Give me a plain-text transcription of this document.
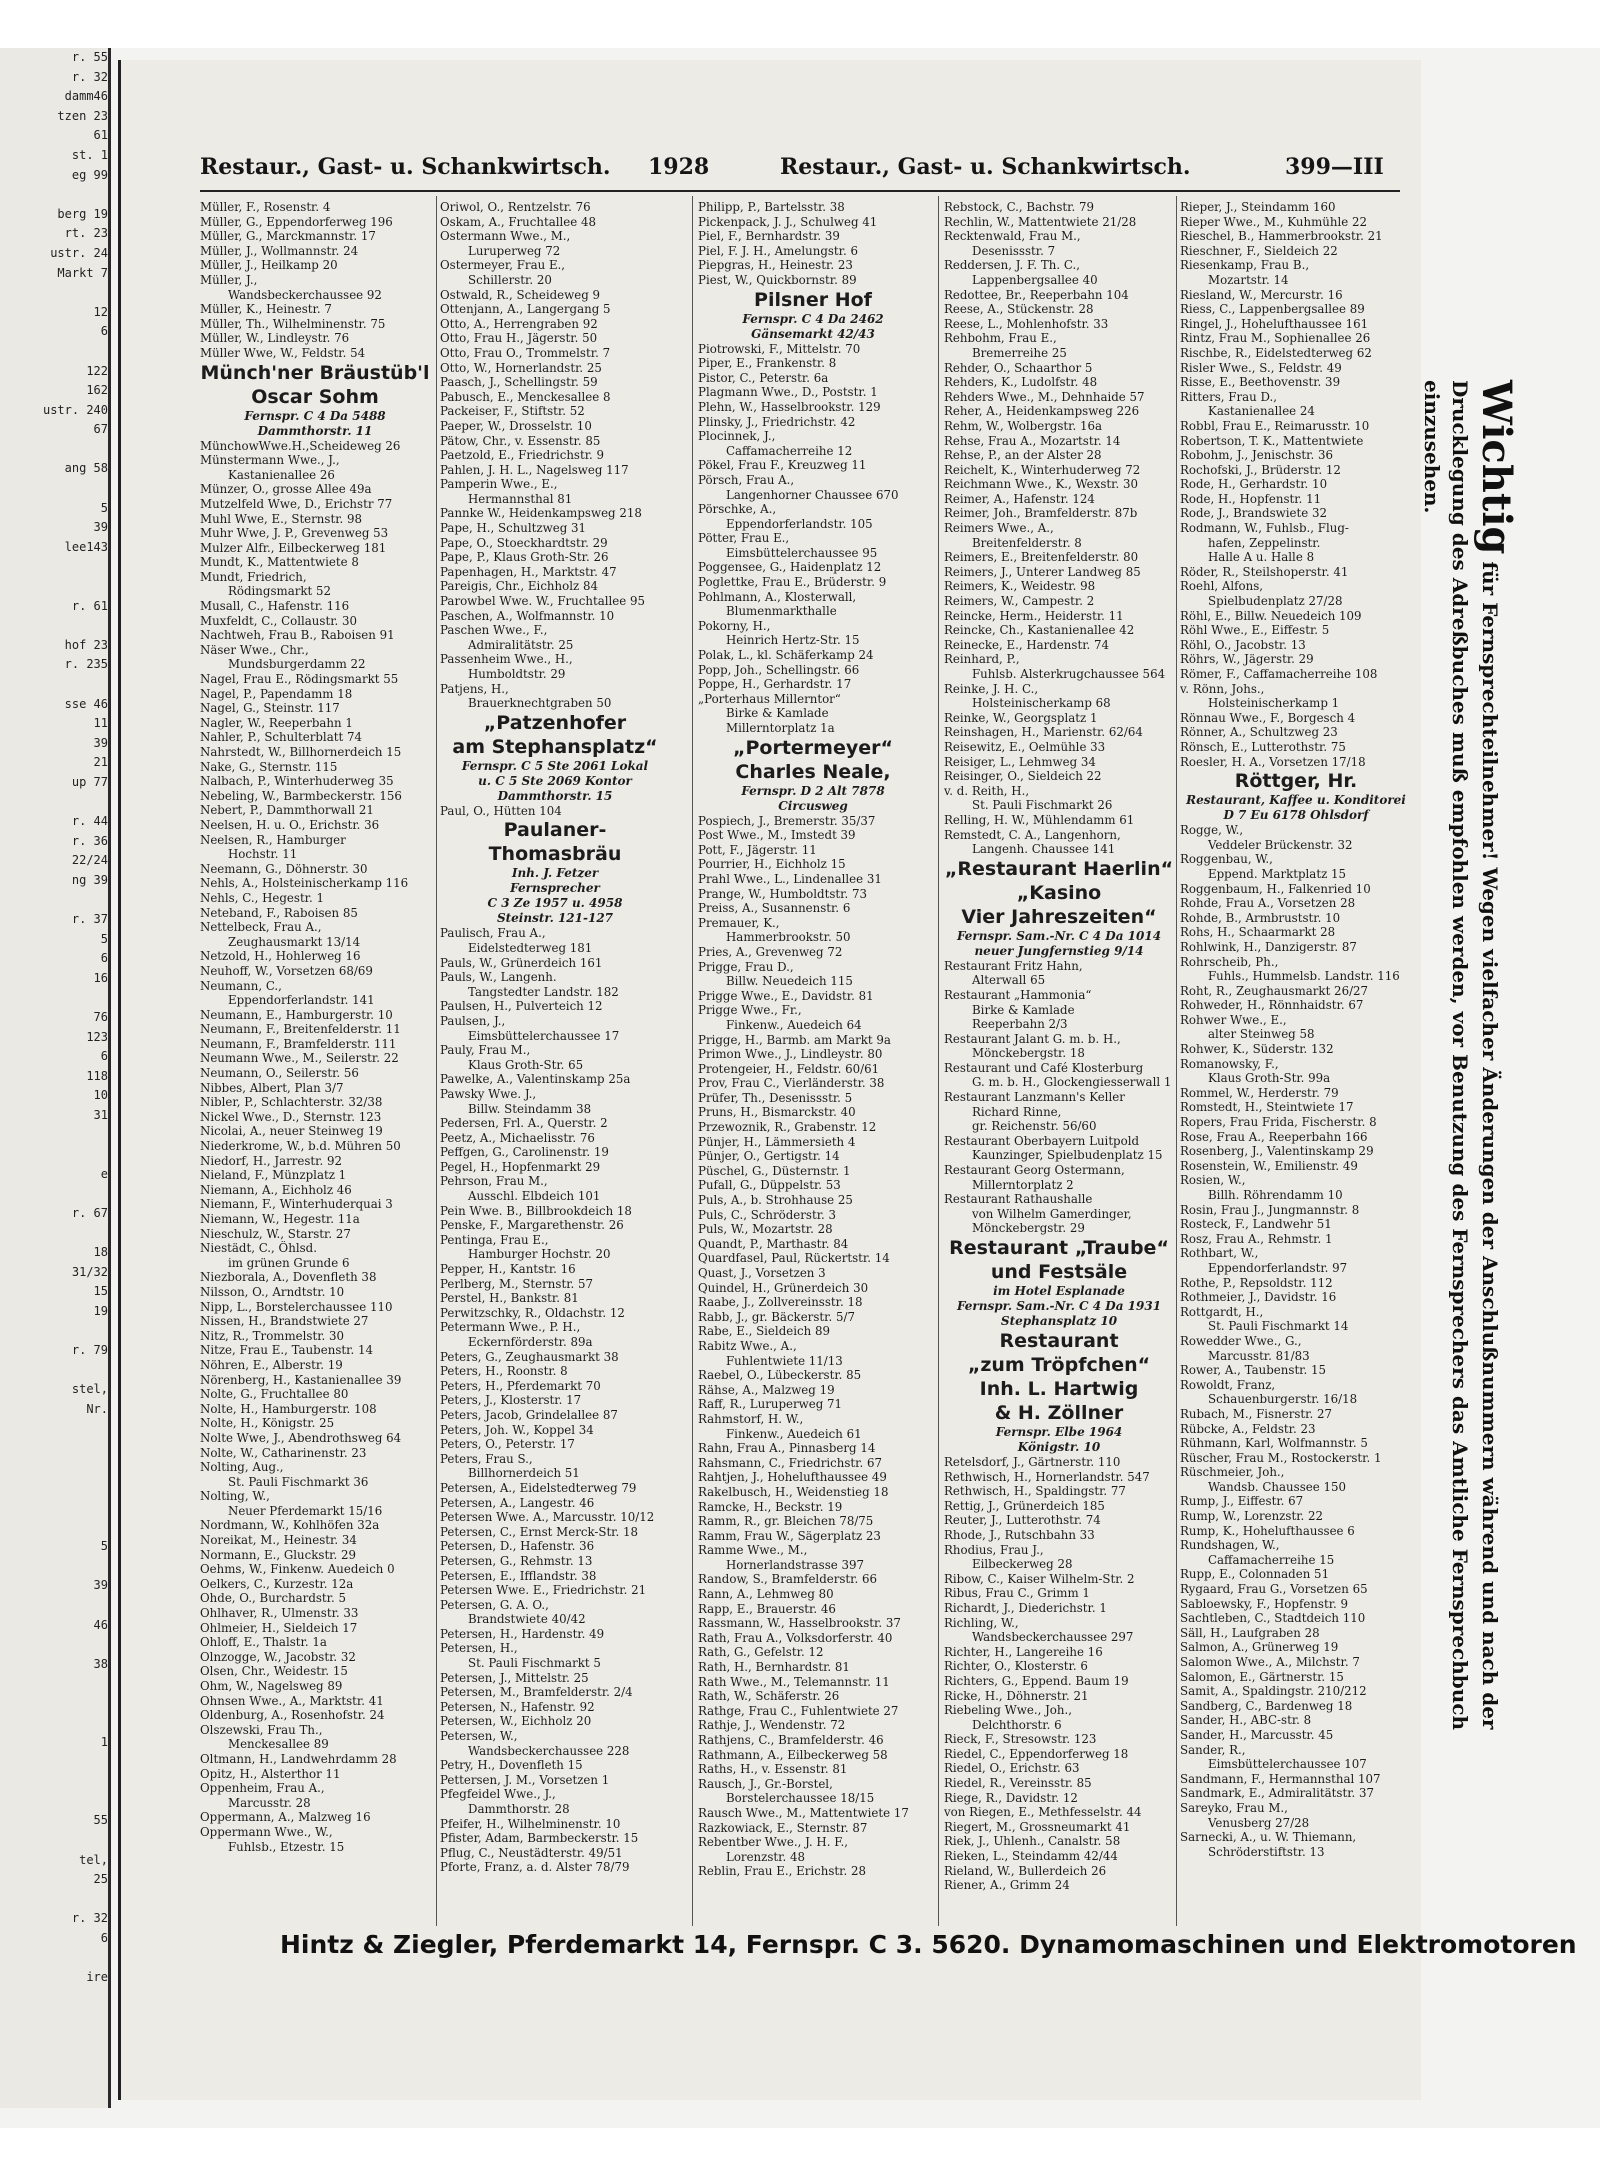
r. 55
r. 32
damm46
tzen 23
61
st. 1
eg 99

berg 19
rt. 23
ustr. 24
Markt 7

12
6

122
162
ustr. 240
67

ang 58

5
39
lee143

r. 61

hof 23
r. 235

sse 46
11
39
21
up 77

r. 44
r. 36
22/24
ng 39

r. 37
5
6
16

76
123
6
118
10
31

e

r. 67

18
31/32
15
19

r. 79

stel,
Nr.

5

39

46

38

1

55

tel,
25

r. 32
6

ire
Restaur., Gast- u. Schankwirtsch. 1928	Restaur., Gast- u. Schankwirtsch.	399—III
Müller, F., Rosenstr. 4
Müller, G., Eppendorferweg 196
Müller, G., Marckmannstr. 17
Müller, J., Wollmannstr. 24
Müller, J., Heilkamp 20
Müller, J.,
Wandsbeckerchaussee 92
Müller, K., Heinestr. 7
Müller, Th., Wilhelminenstr. 75
Müller, W., Lindleystr. 76
Müller Wwe, W., Feldstr. 54
Münch'ner Bräustüb'l
Oscar Sohm
Fernspr. C 4 Da 5488
Dammthorstr. 11
MünchowWwe.H.,Scheideweg 26
Münstermann Wwe., J.,
Kastanienallee 26
Münzer, O., grosse Allee 49a
Mutzelfeld Wwe, D., Erichstr 77
Muhl Wwe, E., Sternstr. 98
Muhr Wwe, J. P., Grevenweg 53
Mulzer Alfr., Eilbeckerweg 181
Mundt, K., Mattentwiete 8
Mundt, Friedrich,
Rödingsmarkt 52
Musall, C., Hafenstr. 116
Muxfeldt, C., Collaustr. 30
Nachtweh, Frau B., Raboisen 91
Näser Wwe., Chr.,
Mundsburgerdamm 22
Nagel, Frau E., Rödingsmarkt 55
Nagel, P., Papendamm 18
Nagel, G., Steinstr. 117
Nagler, W., Reeperbahn 1
Nahler, P., Schulterblatt 74
Nahrstedt, W., Billhornerdeich 15
Nake, G., Sternstr. 115
Nalbach, P., Winterhuderweg 35
Nebeling, W., Barmbeckerstr. 156
Nebert, P., Dammthorwall 21
Neelsen, H. u. O., Erichstr. 36
Neelsen, R., Hamburger
Hochstr. 11
Neemann, G., Döhnerstr. 30
Nehls, A., Holsteinischerkamp 116
Nehls, C., Hegestr. 1
Neteband, F., Raboisen 85
Nettelbeck, Frau A.,
Zeughausmarkt 13/14
Netzold, H., Hohlerweg 16
Neuhoff, W., Vorsetzen 68/69
Neumann, C.,
Eppendorferlandstr. 141
Neumann, E., Hamburgerstr. 10
Neumann, F., Breitenfelderstr. 11
Neumann, F., Bramfelderstr. 111
Neumann Wwe., M., Seilerstr. 22
Neumann, O., Seilerstr. 56
Nibbes, Albert, Plan 3/7
Nibler, P., Schlachterstr. 32/38
Nickel Wwe., D., Sternstr. 123
Nicolai, A., neuer Steinweg 19
Niederkrome, W., b.d. Mühren 50
Niedorf, H., Jarrestr. 92
Nieland, F., Münzplatz 1
Niemann, A., Eichholz 46
Niemann, F., Winterhuderquai 3
Niemann, W., Hegestr. 11a
Nieschulz, W., Starstr. 27
Niestädt, C., Öhlsd.
im grünen Grunde 6
Niezborala, A., Dovenfleth 38
Nilsson, O., Arndtstr. 10
Nipp, L., Borstelerchaussee 110
Nissen, H., Brandstwiete 27
Nitz, R., Trommelstr. 30
Nitze, Frau E., Taubenstr. 14
Nöhren, E., Alberstr. 19
Nörenberg, H., Kastanienallee 39
Nolte, G., Fruchtallee 80
Nolte, H., Hamburgerstr. 108
Nolte, H., Königstr. 25
Nolte Wwe, J., Abendrothsweg 64
Nolte, W., Catharinenstr. 23
Nolting, Aug.,
St. Pauli Fischmarkt 36
Nolting, W.,
Neuer Pferdemarkt 15/16
Nordmann, W., Kohlhöfen 32a
Noreikat, M., Heinestr. 34
Normann, E., Gluckstr. 29
Oehms, W., Finkenw. Auedeich 0
Oelkers, C., Kurzestr. 12a
Ohde, O., Burchardstr. 5
Ohlhaver, R., Ulmenstr. 33
Ohlmeier, H., Sieldeich 17
Ohloff, E., Thalstr. 1a
Olnzogge, W., Jacobstr. 32
Olsen, Chr., Weidestr. 15
Ohm, W., Nagelsweg 89
Ohnsen Wwe., A., Marktstr. 41
Oldenburg, A., Rosenhofstr. 24
Olszewski, Frau Th.,
Menckesallee 89
Oltmann, H., Landwehrdamm 28
Opitz, H., Alsterthor 11
Oppenheim, Frau A.,
Marcusstr. 28
Oppermann, A., Malzweg 16
Oppermann Wwe., W.,
Fuhlsb., Etzestr. 15
Oriwol, O., Rentzelstr. 76
Oskam, A., Fruchtallee 48
Ostermann Wwe., M.,
Luruperweg 72
Ostermeyer, Frau E.,
Schillerstr. 20
Ostwald, R., Scheideweg 9
Ottenjann, A., Langergang 5
Otto, A., Herrengraben 92
Otto, Frau H., Jägerstr. 50
Otto, Frau O., Trommelstr. 7
Otto, W., Hornerlandstr. 25
Paasch, J., Schellingstr. 59
Pabusch, E., Menckesallee 8
Packeiser, F., Stiftstr. 52
Paeper, W., Drosselstr. 10
Pätow, Chr., v. Essenstr. 85
Paetzold, E., Friedrichstr. 9
Pahlen, J. H. L., Nagelsweg 117
Pamperin Wwe., E.,
Hermannsthal 81
Pannke W., Heidenkampsweg 218
Pape, H., Schultzweg 31
Pape, O., Stoeckhardtstr. 29
Pape, P., Klaus Groth-Str. 26
Papenhagen, H., Marktstr. 47
Pareigis, Chr., Eichholz 84
Parowbel Wwe. W., Fruchtallee 95
Paschen, A., Wolfmannstr. 10
Paschen Wwe., F.,
Admiralitätstr. 25
Passenheim Wwe., H.,
Humboldtstr. 29
Patjens, H.,
Brauerknechtgraben 50
„Patzenhofer
am Stephansplatz“
Fernspr. C 5 Ste 2061 Lokal
u. C 5 Ste 2069 Kontor
Dammthorstr. 15
Paul, O., Hütten 104
Paulaner-Thomasbräu
Inh. J. Fetzer
Fernsprecher
C 3 Ze 1957 u. 4958
Steinstr. 121-127
Paulisch, Frau A.,
Eidelstedterweg 181
Pauls, W., Grünerdeich 161
Pauls, W., Langenh.
Tangstedter Landstr. 182
Paulsen, H., Pulverteich 12
Paulsen, J.,
Eimsbüttelerchaussee 17
Pauly, Frau M.,
Klaus Groth-Str. 65
Pawelke, A., Valentinskamp 25a
Pawsky Wwe. J.,
Billw. Steindamm 38
Pedersen, Frl. A., Querstr. 2
Peetz, A., Michaelisstr. 76
Peffgen, G., Carolinenstr. 19
Pegel, H., Hopfenmarkt 29
Pehrson, Frau M.,
Ausschl. Elbdeich 101
Pein Wwe. B., Billbrookdeich 18
Penske, F., Margarethenstr. 26
Pentinga, Frau E.,
Hamburger Hochstr. 20
Pepper, H., Kantstr. 16
Perlberg, M., Sternstr. 57
Perstel, H., Bankstr. 81
Perwitzschky, R., Oldachstr. 12
Petermann Wwe., P. H.,
Eckernförderstr. 89a
Peters, G., Zeughausmarkt 38
Peters, H., Roonstr. 8
Peters, H., Pferdemarkt 70
Peters, J., Klosterstr. 17
Peters, Jacob, Grindelallee 87
Peters, Joh. W., Koppel 34
Peters, O., Peterstr. 17
Peters, Frau S.,
Billhornerdeich 51
Petersen, A., Eidelstedterweg 79
Petersen, A., Langestr. 46
Petersen Wwe. A., Marcusstr. 10/12
Petersen, C., Ernst Merck-Str. 18
Petersen, D., Hafenstr. 36
Petersen, G., Rehmstr. 13
Petersen, E., Ifflandstr. 38
Petersen Wwe. E., Friedrichstr. 21
Petersen, G. A. O.,
Brandstwiete 40/42
Petersen, H., Hardenstr. 49
Petersen, H.,
St. Pauli Fischmarkt 5
Petersen, J., Mittelstr. 25
Petersen, M., Bramfelderstr. 2/4
Petersen, N., Hafenstr. 92
Petersen, W., Eichholz 20
Petersen, W.,
Wandsbeckerchaussee 228
Petry, H., Dovenfleth 15
Pettersen, J. M., Vorsetzen 1
Pfegfeidel Wwe., J.,
Dammthorstr. 28
Pfeifer, H., Wilhelminenstr. 10
Pfister, Adam, Barmbeckerstr. 15
Pflug, C., Neustädterstr. 49/51
Pforte, Franz, a. d. Alster 78/79
Philipp, P., Bartelsstr. 38
Pickenpack, J. J., Schulweg 41
Piel, F., Bernhardstr. 39
Piel, F. J. H., Amelungstr. 6
Piepgras, H., Heinestr. 23
Piest, W., Quickbornstr. 89
Pilsner Hof
Fernspr. C 4 Da 2462
Gänsemarkt 42/43
Piotrowski, F., Mittelstr. 70
Piper, E., Frankenstr. 8
Pistor, C., Peterstr. 6a
Plagmann Wwe., D., Poststr. 1
Plehn, W., Hasselbrookstr. 129
Plinsky, J., Friedrichstr. 42
Plocinnek, J.,
Caffamacherreihe 12
Pökel, Frau F., Kreuzweg 11
Pörsch, Frau A.,
Langenhorner Chaussee 670
Pörschke, A.,
Eppendorferlandstr. 105
Pötter, Frau E.,
Eimsbüttelerchaussee 95
Poggensee, G., Haidenplatz 12
Poglettke, Frau E., Brüderstr. 9
Pohlmann, A., Klosterwall,
Blumenmarkthalle
Pokorny, H.,
Heinrich Hertz-Str. 15
Polak, L., kl. Schäferkamp 24
Popp, Joh., Schellingstr. 66
Poppe, H., Gerhardstr. 17
„Porterhaus Millerntor“
Birke & Kamlade
Millerntorplatz 1a
„Portermeyer“
Charles Neale,
Fernspr. D 2 Alt 7878
Circusweg
Pospiech, J., Bremerstr. 35/37
Post Wwe., M., Imstedt 39
Pott, F., Jägerstr. 11
Pourrier, H., Eichholz 15
Prahl Wwe., L., Lindenallee 31
Prange, W., Humboldtstr. 73
Preiss, A., Susannenstr. 6
Premauer, K.,
Hammerbrookstr. 50
Pries, A., Grevenweg 72
Prigge, Frau D.,
Billw. Neuedeich 115
Prigge Wwe., E., Davidstr. 81
Prigge Wwe., Fr.,
Finkenw., Auedeich 64
Prigge, H., Barmb. am Markt 9a
Primon Wwe., J., Lindleystr. 80
Protengeier, H., Feldstr. 60/61
Prov, Frau C., Vierländerstr. 38
Prüfer, Th., Desenissstr. 5
Pruns, H., Bismarckstr. 40
Przewoznik, R., Grabenstr. 12
Pünjer, H., Lämmersieth 4
Pünjer, O., Gertigstr. 14
Püschel, G., Düsternstr. 1
Pufall, G., Düppelstr. 53
Puls, A., b. Strohhause 25
Puls, C., Schröderstr. 3
Puls, W., Mozartstr. 28
Quandt, P., Marthastr. 84
Quardfasel, Paul, Rückertstr. 14
Quast, J., Vorsetzen 3
Quindel, H., Grünerdeich 30
Raabe, J., Zollvereinsstr. 18
Rabb, J., gr. Bäckerstr. 5/7
Rabe, E., Sieldeich 89
Rabitz Wwe., A.,
Fuhlentwiete 11/13
Raebel, O., Lübeckerstr. 85
Rähse, A., Malzweg 19
Raff, R., Luruperweg 71
Rahmstorf, H. W.,
Finkenw., Auedeich 61
Rahn, Frau A., Pinnasberg 14
Rahsmann, C., Friedrichstr. 67
Rahtjen, J., Hohelufthaussee 49
Rakelbusch, H., Weidenstieg 18
Ramcke, H., Beckstr. 19
Ramm, R., gr. Bleichen 78/75
Ramm, Frau W., Sägerplatz 23
Ramme Wwe., M.,
Hornerlandstrasse 397
Randow, S., Bramfelderstr. 66
Rann, A., Lehmweg 80
Rapp, E., Brauerstr. 46
Rassmann, W., Hasselbrookstr. 37
Rath, Frau A., Volksdorferstr. 40
Rath, G., Gefelstr. 12
Rath, H., Bernhardstr. 81
Rath Wwe., M., Telemannstr. 11
Rath, W., Schäferstr. 26
Rathge, Frau C., Fuhlentwiete 27
Rathje, J., Wendenstr. 72
Rathjens, C., Bramfelderstr. 46
Rathmann, A., Eilbeckerweg 58
Raths, H., v. Essenstr. 81
Rausch, J., Gr.-Borstel,
Borstelerchaussee 18/15
Rausch Wwe., M., Mattentwiete 17
Razkowiack, E., Sternstr. 87
Rebentber Wwe., J. H. F.,
Lorenzstr. 48
Reblin, Frau E., Erichstr. 28
Rebstock, C., Bachstr. 79
Rechlin, W., Mattentwiete 21/28
Recktenwald, Frau M.,
Desenissstr. 7
Reddersen, J. F. Th. C.,
Lappenbergsallee 40
Redottee, Br., Reeperbahn 104
Reese, A., Stückenstr. 28
Reese, L., Mohlenhofstr. 33
Rehbohm, Frau E.,
Bremerreihe 25
Rehder, O., Schaarthor 5
Rehders, K., Ludolfstr. 48
Rehders Wwe., M., Dehnhaide 57
Reher, A., Heidenkampsweg 226
Rehm, W., Wolbergstr. 16a
Rehse, Frau A., Mozartstr. 14
Rehse, P., an der Alster 28
Reichelt, K., Winterhuderweg 72
Reichmann Wwe., K., Wexstr. 30
Reimer, A., Hafenstr. 124
Reimer, Joh., Bramfelderstr. 87b
Reimers Wwe., A.,
Breitenfelderstr. 8
Reimers, E., Breitenfelderstr. 80
Reimers, J., Unterer Landweg 85
Reimers, K., Weidestr. 98
Reimers, W., Campestr. 2
Reincke, Herm., Heiderstr. 11
Reincke, Ch., Kastanienallee 42
Reinecke, E., Hardenstr. 74
Reinhard, P.,
Fuhlsb. Alsterkrugchaussee 564
Reinke, J. H. C.,
Holsteinischerkamp 68
Reinke, W., Georgsplatz 1
Reinshagen, H., Marienstr. 62/64
Reisewitz, E., Oelmühle 33
Reisiger, L., Lehmweg 34
Reisinger, O., Sieldeich 22
v. d. Reith, H.,
St. Pauli Fischmarkt 26
Relling, H. W., Mühlendamm 61
Remstedt, C. A., Langenhorn,
Langenh. Chaussee 141
„Restaurant Haerlin“
„Kasino
Vier Jahreszeiten“
Fernspr. Sam.-Nr. C 4 Da 1014
neuer Jungfernstieg 9/14
Restaurant Fritz Hahn,
Alterwall 65
Restaurant „Hammonia“
Birke & Kamlade
Reeperbahn 2/3
Restaurant Jalant G. m. b. H.,
Mönckebergstr. 18
Restaurant und Café Klosterburg
G. m. b. H., Glockengiesserwall 1
Restaurant Lanzmann's Keller
Richard Rinne,
gr. Reichenstr. 56/60
Restaurant Oberbayern Luitpold
Kaunzinger, Spielbudenplatz 15
Restaurant Georg Ostermann,
Millerntorplatz 2
Restaurant Rathaushalle
von Wilhelm Gamerdinger,
Mönckebergstr. 29
Restaurant „Traube“
und Festsäle
im Hotel Esplanade
Fernspr. Sam.-Nr. C 4 Da 1931
Stephansplatz 10
Restaurant
„zum Tröpfchen“
Inh. L. Hartwig
& H. Zöllner
Fernspr. Elbe 1964
Königstr. 10
Retelsdorf, J., Gärtnerstr. 110
Rethwisch, H., Hornerlandstr. 547
Rethwisch, H., Spaldingstr. 77
Rettig, J., Grünerdeich 185
Reuter, J., Lutterothstr. 74
Rhode, J., Rutschbahn 33
Rhodius, Frau J.,
Eilbeckerweg 28
Ribow, C., Kaiser Wilhelm-Str. 2
Ribus, Frau C., Grimm 1
Richardt, J., Diederichstr. 1
Richling, W.,
Wandsbeckerchaussee 297
Richter, H., Langereihe 16
Richter, O., Klosterstr. 6
Richters, G., Eppend. Baum 19
Ricke, H., Döhnerstr. 21
Riebeling Wwe., Joh.,
Delchthorstr. 6
Rieck, F., Stresowstr. 123
Riedel, C., Eppendorferweg 18
Riedel, O., Erichstr. 63
Riedel, R., Vereinsstr. 85
Riege, R., Davidstr. 12
von Riegen, E., Methfesselstr. 44
Riegert, M., Grossneumarkt 41
Riek, J., Uhlenh., Canalstr. 58
Rieken, L., Steindamm 42/44
Rieland, W., Bullerdeich 26
Riener, A., Grimm 24
Rieper, J., Steindamm 160
Rieper Wwe., M., Kuhmühle 22
Rieschel, B., Hammerbrookstr. 21
Rieschner, F., Sieldeich 22
Riesenkamp, Frau B.,
Mozartstr. 14
Riesland, W., Mercurstr. 16
Riess, C., Lappenbergsallee 89
Ringel, J., Hohelufthaussee 161
Rintz, Frau M., Sophienallee 26
Rischbe, R., Eidelstedterweg 62
Risler Wwe., S., Feldstr. 49
Risse, E., Beethovenstr. 39
Ritters, Frau D.,
Kastanienallee 24
Robbl, Frau E., Reimarusstr. 10
Robertson, T. K., Mattentwiete
Robohm, J., Jenischstr. 36
Rochofski, J., Brüderstr. 12
Rode, H., Gerhardstr. 10
Rode, H., Hopfenstr. 11
Rode, J., Brandswiete 32
Rodmann, W., Fuhlsb., Flug-
hafen, Zeppelinstr.
Halle A u. Halle 8
Röder, R., Steilshoperstr. 41
Roehl, Alfons,
Spielbudenplatz 27/28
Röhl, E., Billw. Neuedeich 109
Röhl Wwe., E., Eiffestr. 5
Röhl, O., Jacobstr. 13
Röhrs, W., Jägerstr. 29
Römer, F., Caffamacherreihe 108
v. Rönn, Johs.,
Holsteinischerkamp 1
Rönnau Wwe., F., Borgesch 4
Rönner, A., Schultzweg 23
Rönsch, E., Lutterothstr. 75
Roesler, H. A., Vorsetzen 17/18
Röttger, Hr.
Restaurant, Kaffee u. Konditorei
D 7 Eu 6178 Ohlsdorf
Rogge, W.,
Veddeler Brückenstr. 32
Roggenbau, W.,
Eppend. Marktplatz 15
Roggenbaum, H., Falkenried 10
Rohde, Frau A., Vorsetzen 28
Rohde, B., Armbruststr. 10
Rohs, H., Schaarmarkt 28
Rohlwink, H., Danzigerstr. 87
Rohrscheib, Ph.,
Fuhls., Hummelsb. Landstr. 116
Roht, R., Zeughausmarkt 26/27
Rohweder, H., Rönnhaidstr. 67
Rohwer Wwe., E.,
alter Steinweg 58
Rohwer, K., Süderstr. 132
Romanowsky, F.,
Klaus Groth-Str. 99a
Rommel, W., Herderstr. 79
Romstedt, H., Steintwiete 17
Ropers, Frau Frida, Fischerstr. 8
Rose, Frau A., Reeperbahn 166
Rosenberg, J., Valentinskamp 29
Rosenstein, W., Emilienstr. 49
Rosien, W.,
Billh. Röhrendamm 10
Rosin, Frau J., Jungmannstr. 8
Rosteck, F., Landwehr 51
Rosz, Frau A., Rehmstr. 1
Rothbart, W.,
Eppendorferlandstr. 97
Rothe, P., Repsoldstr. 112
Rothmeier, J., Davidstr. 16
Rottgardt, H.,
St. Pauli Fischmarkt 14
Rowedder Wwe., G.,
Marcusstr. 81/83
Rower, A., Taubenstr. 15
Rowoldt, Franz,
Schauenburgerstr. 16/18
Rubach, M., Fisnerstr. 27
Rübcke, A., Feldstr. 23
Rühmann, Karl, Wolfmannstr. 5
Rüscher, Frau M., Rostockerstr. 1
Rüschmeier, Joh.,
Wandsb. Chaussee 150
Rump, J., Eiffestr. 67
Rump, W., Lorenzstr. 22
Rump, K., Hohelufthaussee 6
Rundshagen, W.,
Caffamacherreihe 15
Rupp, E., Colonnaden 51
Rygaard, Frau G., Vorsetzen 65
Sabloewsky, F., Hopfenstr. 9
Sachtleben, C., Stadtdeich 110
Säll, H., Laufgraben 28
Salmon, A., Grünerweg 19
Salomon Wwe., A., Milchstr. 7
Salomon, E., Gärtnerstr. 15
Samit, A., Spaldingstr. 210/212
Sandberg, C., Bardenweg 18
Sander, H., ABC-str. 8
Sander, H., Marcusstr. 45
Sander, R.,
Eimsbüttelerchaussee 107
Sandmann, F., Hermannsthal 107
Sandmark, E., Admiralitätstr. 37
Sareyko, Frau M.,
Venusberg 27/28
Sarnecki, A., u. W. Thiemann,
Schröderstiftstr. 13
Hintz & Ziegler, Pferdemarkt 14, Fernspr. C 3. 5620. Dynamomaschinen und Elektromotoren
Wichtig für Fernsprechteilnehmer! Wegen vielfacher Änderungen der Anschlußnummern während und nach der Drucklegung des Adreßbuches muß empfohlen werden, vor Benutzung des Fernsprechers das Amtliche Fernsprechbuch einzusehen.
